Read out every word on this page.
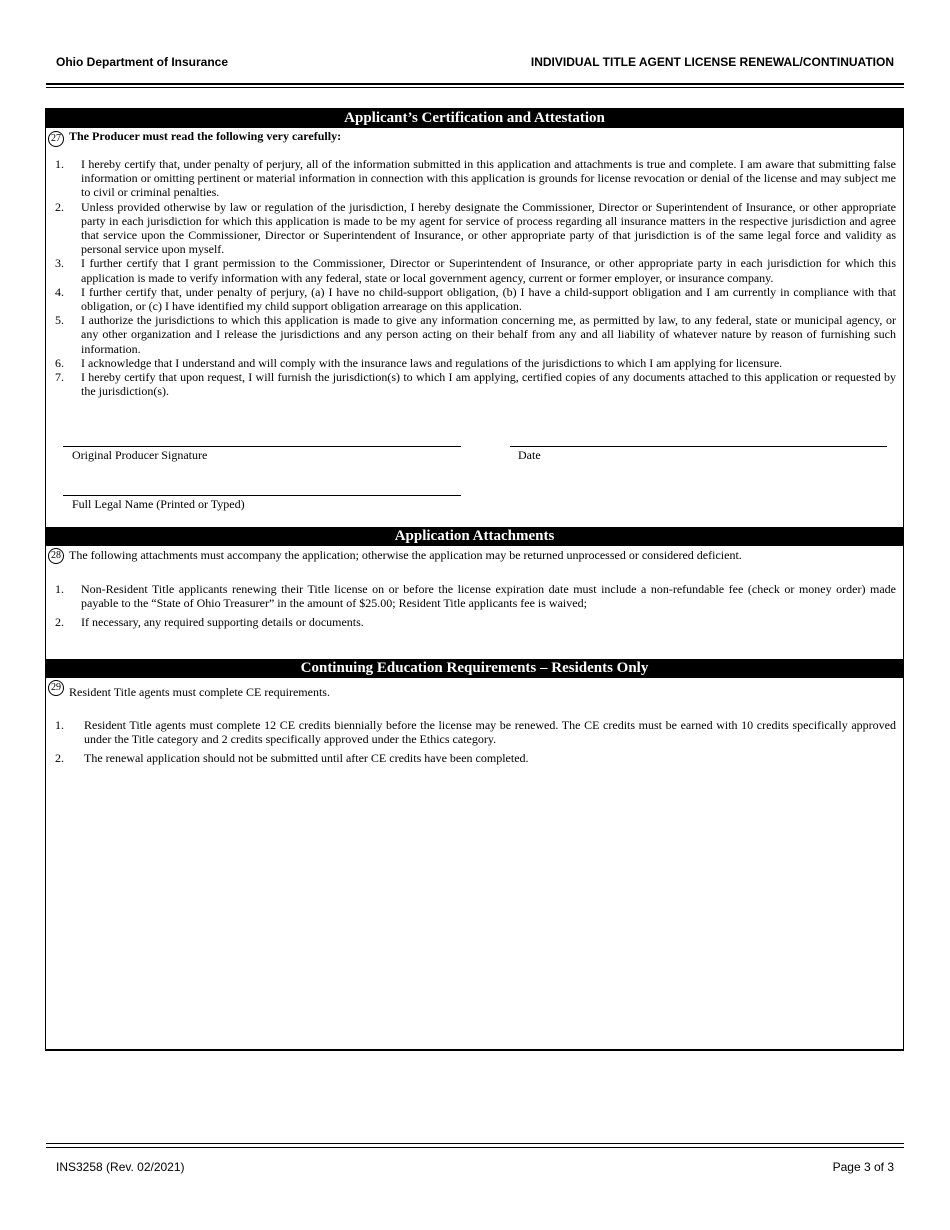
Ohio Department of Insurance	INDIVIDUAL TITLE AGENT LICENSE RENEWAL/CONTINUATION
Applicant’s Certification and Attestation
27 The Producer must read the following very carefully:
1. I hereby certify that, under penalty of perjury, all of the information submitted in this application and attachments is true and complete. I am aware that submitting false information or omitting pertinent or material information in connection with this application is grounds for license revocation or denial of the license and may subject me to civil or criminal penalties.
2. Unless provided otherwise by law or regulation of the jurisdiction, I hereby designate the Commissioner, Director or Superintendent of Insurance, or other appropriate party in each jurisdiction for which this application is made to be my agent for service of process regarding all insurance matters in the respective jurisdiction and agree that service upon the Commissioner, Director or Superintendent of Insurance, or other appropriate party of that jurisdiction is of the same legal force and validity as personal service upon myself.
3. I further certify that I grant permission to the Commissioner, Director or Superintendent of Insurance, or other appropriate party in each jurisdiction for which this application is made to verify information with any federal, state or local government agency, current or former employer, or insurance company.
4. I further certify that, under penalty of perjury, (a) I have no child-support obligation, (b) I have a child-support obligation and I am currently in compliance with that obligation, or (c) I have identified my child support obligation arrearage on this application.
5. I authorize the jurisdictions to which this application is made to give any information concerning me, as permitted by law, to any federal, state or municipal agency, or any other organization and I release the jurisdictions and any person acting on their behalf from any and all liability of whatever nature by reason of furnishing such information.
6. I acknowledge that I understand and will comply with the insurance laws and regulations of the jurisdictions to which I am applying for licensure.
7. I hereby certify that upon request, I will furnish the jurisdiction(s) to which I am applying, certified copies of any documents attached to this application or requested by the jurisdiction(s).
Original Producer Signature	Date
Full Legal Name (Printed or Typed)
Application Attachments
28 The following attachments must accompany the application; otherwise the application may be returned unprocessed or considered deficient.
1. Non-Resident Title applicants renewing their Title license on or before the license expiration date must include a non-refundable fee (check or money order) made payable to the “State of Ohio Treasurer” in the amount of $25.00; Resident Title applicants fee is waived;
2. If necessary, any required supporting details or documents.
Continuing Education Requirements – Residents Only
29 Resident Title agents must complete CE requirements.
1. Resident Title agents must complete 12 CE credits biennially before the license may be renewed. The CE credits must be earned with 10 credits specifically approved under the Title category and 2 credits specifically approved under the Ethics category.
2. The renewal application should not be submitted until after CE credits have been completed.
INS3258 (Rev. 02/2021)	Page 3 of 3
